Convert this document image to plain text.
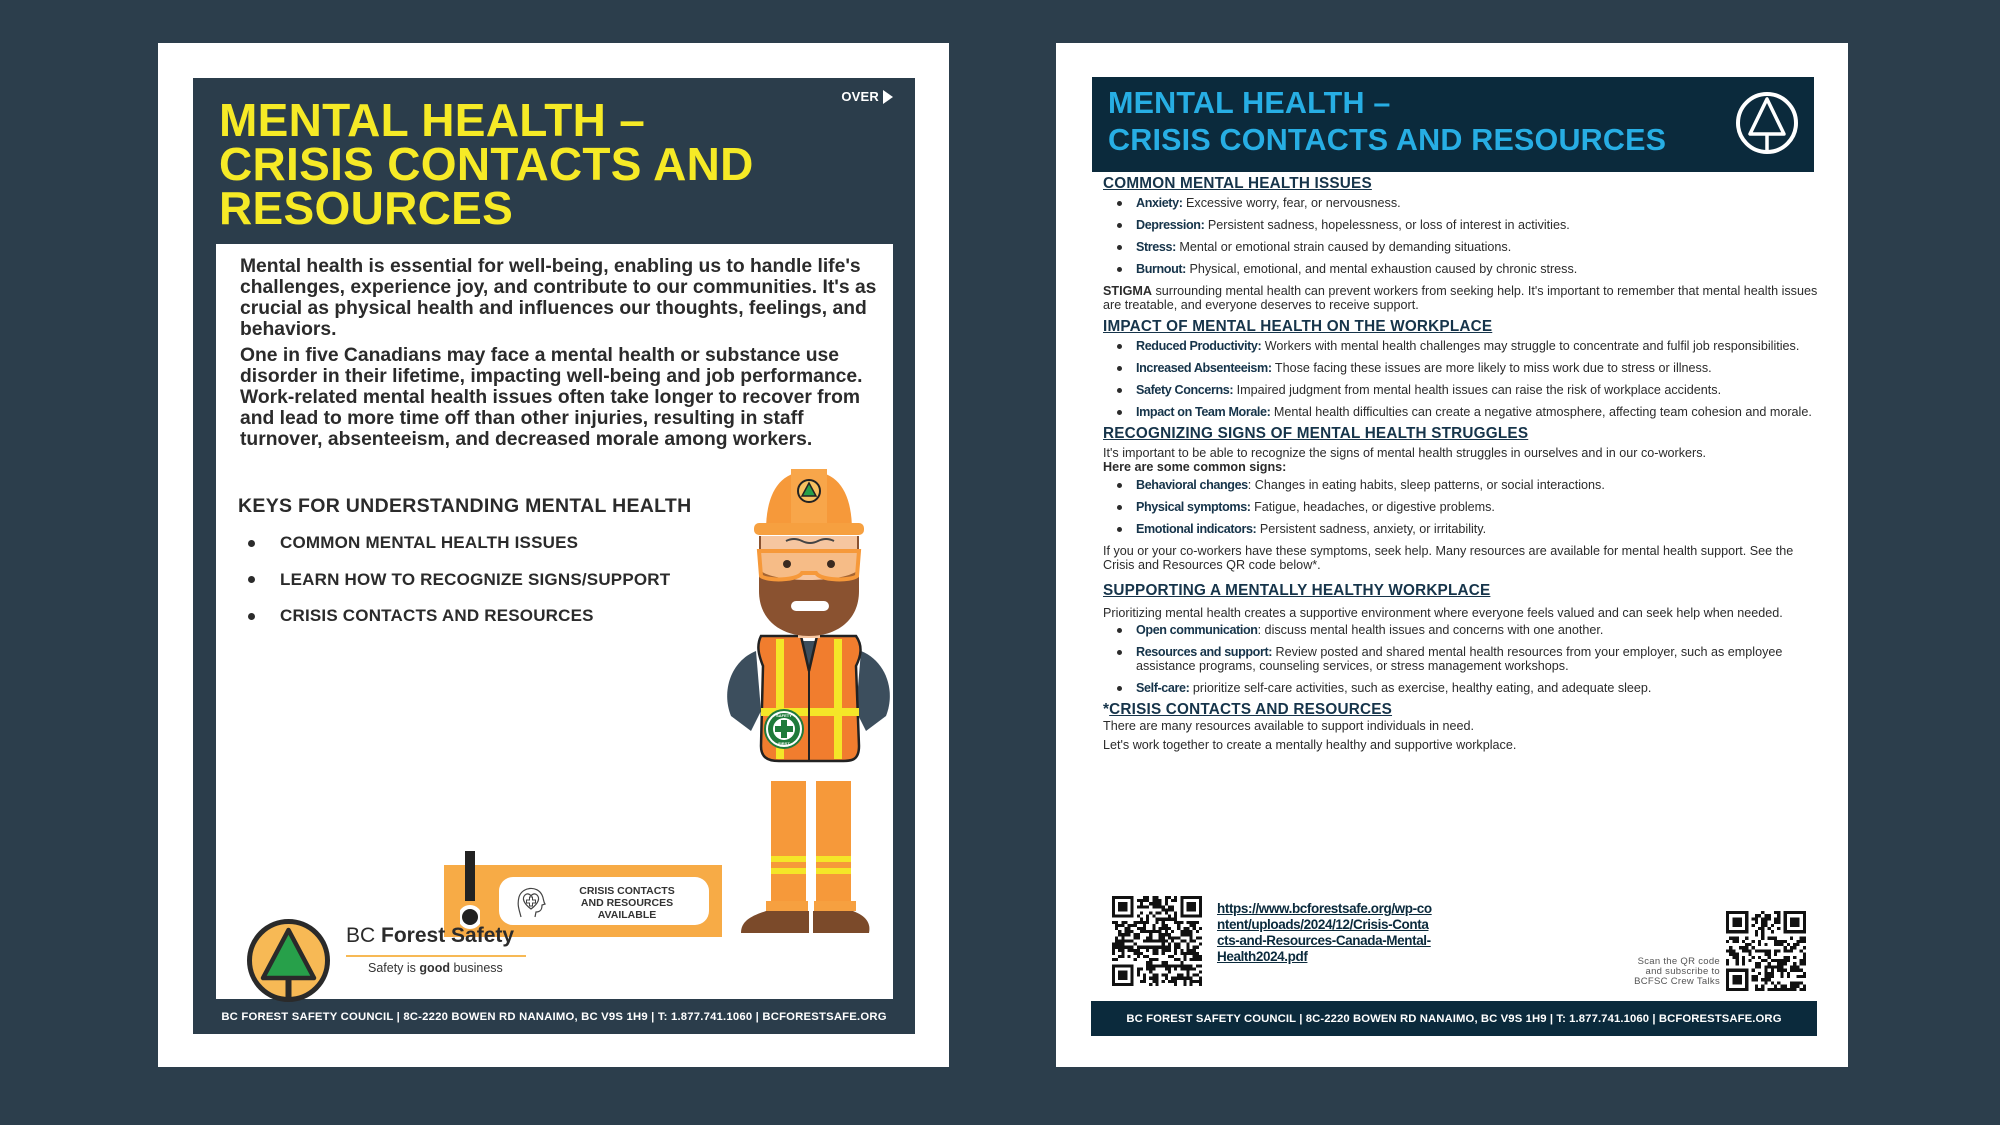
OVER
MENTAL HEALTH –
CRISIS CONTACTS AND
RESOURCES
Mental health is essential for well-being, enabling us to handle life's challenges, experience joy, and contribute to our communities. It's as crucial as physical health and influences our thoughts, feelings, and behaviors.
One in five Canadians may face a mental health or substance use disorder in their lifetime, impacting well-being and job performance. Work-related mental health issues often take longer to recover from and lead to more time off than other injuries, resulting in staff turnover, absenteeism, and decreased morale among workers.
KEYS FOR UNDERSTANDING MENTAL HEALTH
COMMON MENTAL HEALTH ISSUES
LEARN HOW TO RECOGNIZE SIGNS/SUPPORT
CRISIS CONTACTS AND RESOURCES
CRISIS CONTACTS
AND RESOURCES
AVAILABLE
BC Forest Safety
Safety is good business
SAFETY
FIRST
BC FOREST SAFETY COUNCIL | 8C-2220 BOWEN RD NANAIMO, BC V9S 1H9 | T: 1.877.741.1060 | BCFORESTSAFE.ORG
MENTAL HEALTH –
CRISIS CONTACTS AND RESOURCES
COMMON MENTAL HEALTH ISSUES
Anxiety: Excessive worry, fear, or nervousness.
Depression: Persistent sadness, hopelessness, or loss of interest in activities.
Stress: Mental or emotional strain caused by demanding situations.
Burnout: Physical, emotional, and mental exhaustion caused by chronic stress.

STIGMA surrounding mental health can prevent workers from seeking help. It's important to remember that mental health issues are treatable, and everyone deserves to receive support.

IMPACT OF MENTAL HEALTH ON THE WORKPLACE
Reduced Productivity: Workers with mental health challenges may struggle to concentrate and fulfil job responsibilities.
Increased Absenteeism: Those facing these issues are more likely to miss work due to stress or illness.
Safety Concerns: Impaired judgment from mental health issues can raise the risk of workplace accidents.
Impact on Team Morale: Mental health difficulties can create a negative atmosphere, affecting team cohesion and morale.
RECOGNIZING SIGNS OF MENTAL HEALTH STRUGGLES

It's important to be able to recognize the signs of mental health struggles in ourselves and in our co-workers.
Here are some common signs:

Behavioral changes: Changes in eating habits, sleep patterns, or social interactions.
Physical symptoms: Fatigue, headaches, or digestive problems.
Emotional indicators: Persistent sadness, anxiety, or irritability.

If you or your co-workers have these symptoms, seek help. Many resources are available for mental health support. See the Crisis and Resources QR code below*.

SUPPORTING A MENTALLY HEALTHY WORKPLACE

Prioritizing mental health creates a supportive environment where everyone feels valued and can seek help when needed.

Open communication: discuss mental health issues and concerns with one another.
Resources and support: Review posted and shared mental health resources from your employer, such as employee assistance programs, counseling services, or stress management workshops.
Self-care: prioritize self-care activities, such as exercise, healthy eating, and adequate sleep.
*CRISIS CONTACTS AND RESOURCES
There are many resources available to support individuals in need.
Let's work together to create a mentally healthy and supportive workplace.
https://www.bcforestsafe.org/wp-content/uploads/2024/12/Crisis-Contacts-and-Resources-Canada-Mental-Health2024.pdf	Scan the QR code
and subscribe to
BCFSC Crew Talks
BC FOREST SAFETY COUNCIL | 8C-2220 BOWEN RD NANAIMO, BC V9S 1H9 | T: 1.877.741.1060 | BCFORESTSAFE.ORG
